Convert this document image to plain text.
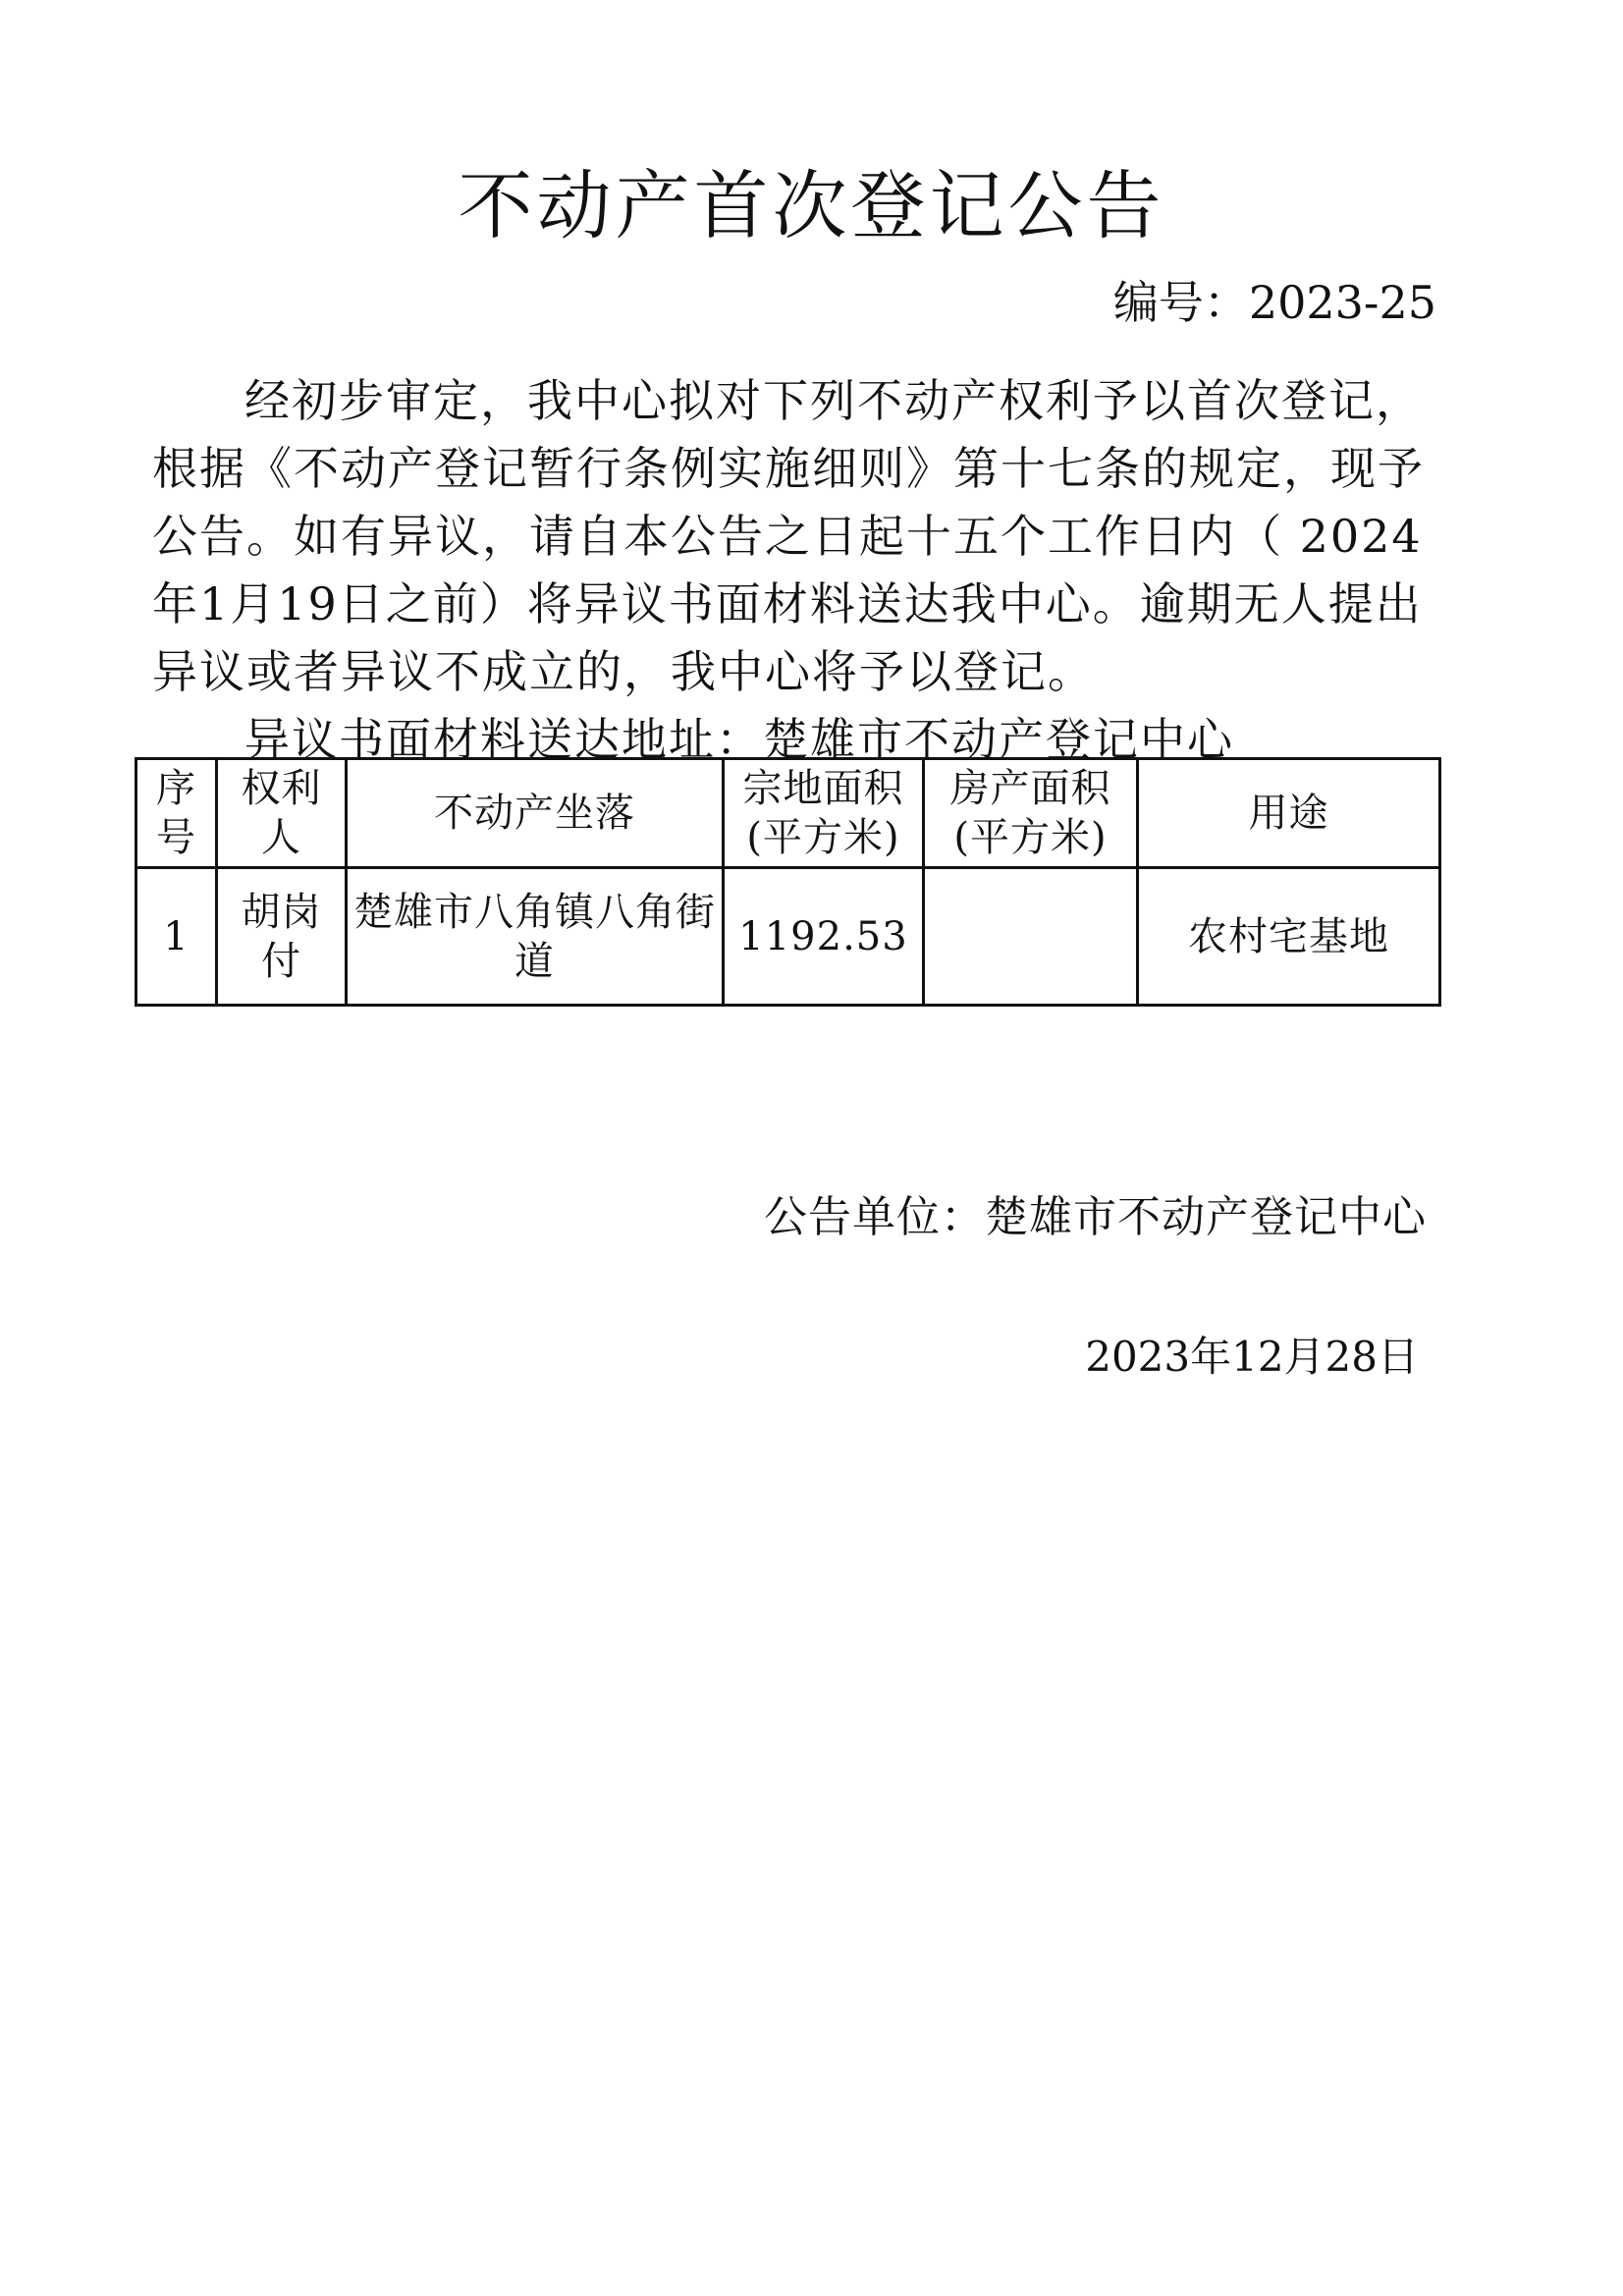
不动产首次登记公告
编号：2023-25

经初步审定，我中心拟对下列不动产权利予以首次登记，根据《不动产登记暂行条例实施细则》第十七条的规定，现予公告。如有异议，请自本公告之日起十五个工作日内（ 2024 年1月19日之前）将异议书面材料送达我中心。逾期无人提出异议或者异议不成立的，我中心将予以登记。

异议书面材料送达地址：楚雄市不动产登记中心

序号	权利人	不动产坐落	宗地面积(平方米)	房产面积(平方米)	用途
1	胡岗付	楚雄市八角镇八角街道	1192.53		农村宅基地
公告单位：楚雄市不动产登记中心
2023年12月28日
